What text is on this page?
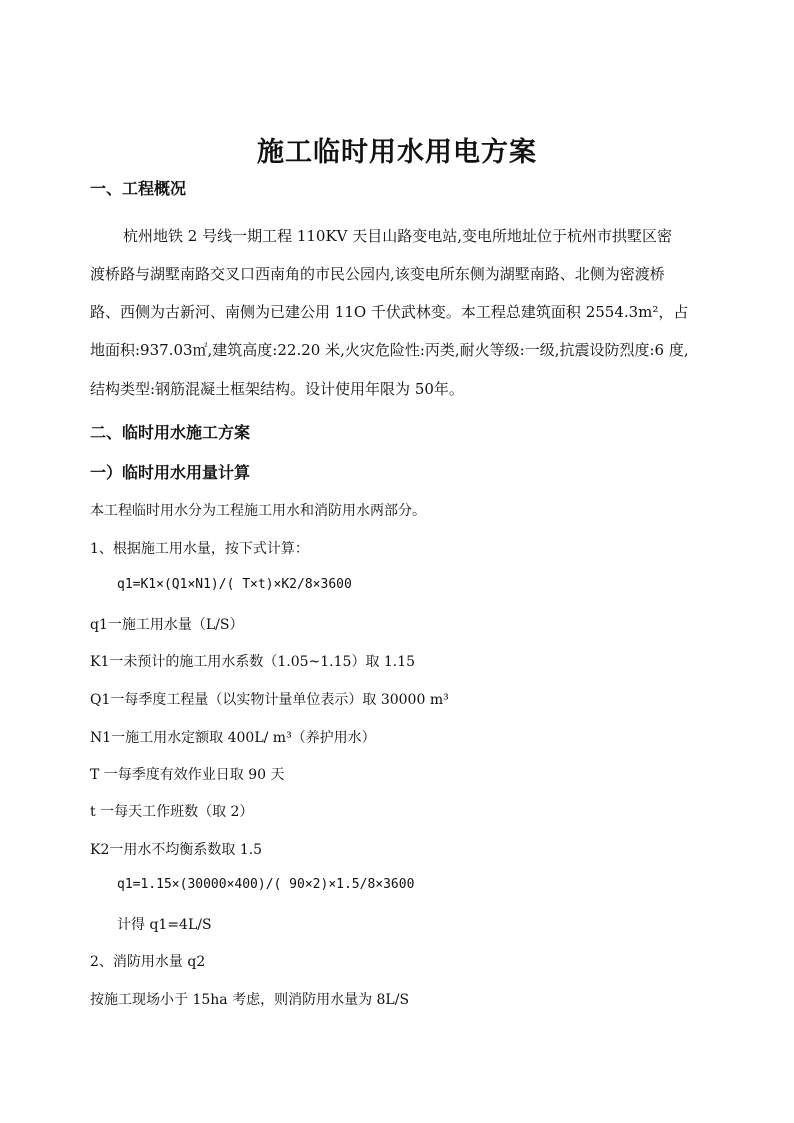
施工临时用水用电方案
一、工程概况
杭州地铁 2 号线一期工程 110KV 天目山路变电站,变电所地址位于杭州市拱墅区密
渡桥路与湖墅南路交叉口西南角的市民公园内,该变电所东侧为湖墅南路、北侧为密渡桥
路、西侧为古新河、南侧为已建公用 11O 千伏武林变。本工程总建筑面积 2554.3m²，占
地面积:937.03㎡,建筑高度:22.20 米,火灾危险性:丙类,耐火等级:一级,抗震设防烈度:6 度,
结构类型:钢筋混凝土框架结构。设计使用年限为 50年。
二、临时用水施工方案
一）临时用水用量计算
本工程临时用水分为工程施工用水和消防用水两部分。
1、根据施工用水量，按下式计算：
q1=K1×(Q1×N1)/( T×t)×K2/8×3600
q1一施工用水量（L/S）
K1一未预计的施工用水系数（1.05~1.15）取 1.15
Q1一每季度工程量（以实物计量单位表示）取 30000 m³
N1一施工用水定额取 400L/ m³（养护用水）
T 一每季度有效作业日取 90 天
t 一每天工作班数（取 2）
K2一用水不均衡系数取 1.5
q1=1.15×(30000×400)/( 90×2)×1.5/8×3600
计得 q1=4L/S
2、消防用水量 q2
按施工现场小于 15ha 考虑，则消防用水量为 8L/S
